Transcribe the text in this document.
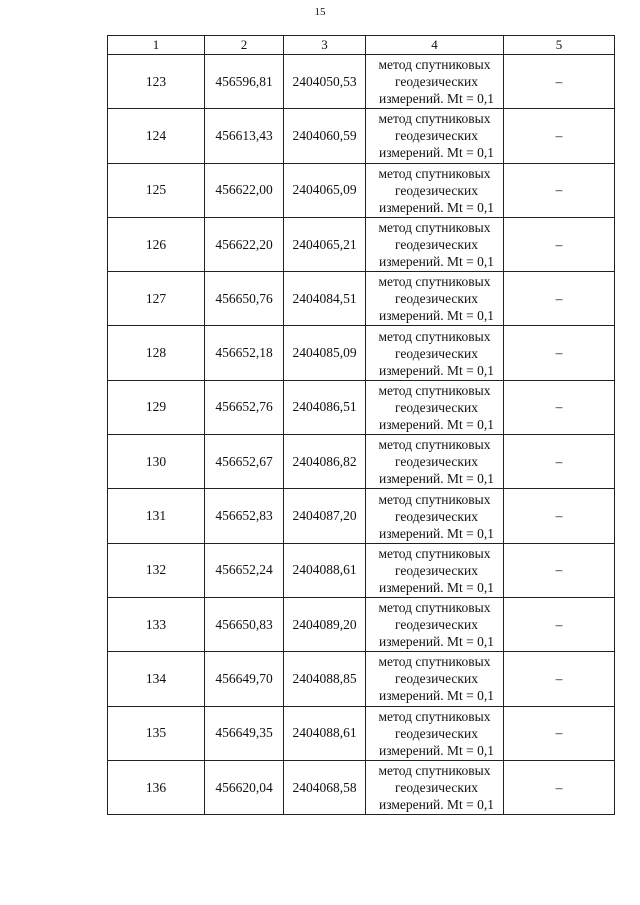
15
1	2	3	4	5
123	456596,81	2404050,53	метод спутниковых
геодезических
измерений. Mt = 0,1	–
124	456613,43	2404060,59	метод спутниковых
геодезических
измерений. Mt = 0,1	–
125	456622,00	2404065,09	метод спутниковых
геодезических
измерений. Mt = 0,1	–
126	456622,20	2404065,21	метод спутниковых
геодезических
измерений. Mt = 0,1	–
127	456650,76	2404084,51	метод спутниковых
геодезических
измерений. Mt = 0,1	–
128	456652,18	2404085,09	метод спутниковых
геодезических
измерений. Mt = 0,1	–
129	456652,76	2404086,51	метод спутниковых
геодезических
измерений. Mt = 0,1	–
130	456652,67	2404086,82	метод спутниковых
геодезических
измерений. Mt = 0,1	–
131	456652,83	2404087,20	метод спутниковых
геодезических
измерений. Mt = 0,1	–
132	456652,24	2404088,61	метод спутниковых
геодезических
измерений. Mt = 0,1	–
133	456650,83	2404089,20	метод спутниковых
геодезических
измерений. Mt = 0,1	–
134	456649,70	2404088,85	метод спутниковых
геодезических
измерений. Mt = 0,1	–
135	456649,35	2404088,61	метод спутниковых
геодезических
измерений. Mt = 0,1	–
136	456620,04	2404068,58	метод спутниковых
геодезических
измерений. Mt = 0,1	–
